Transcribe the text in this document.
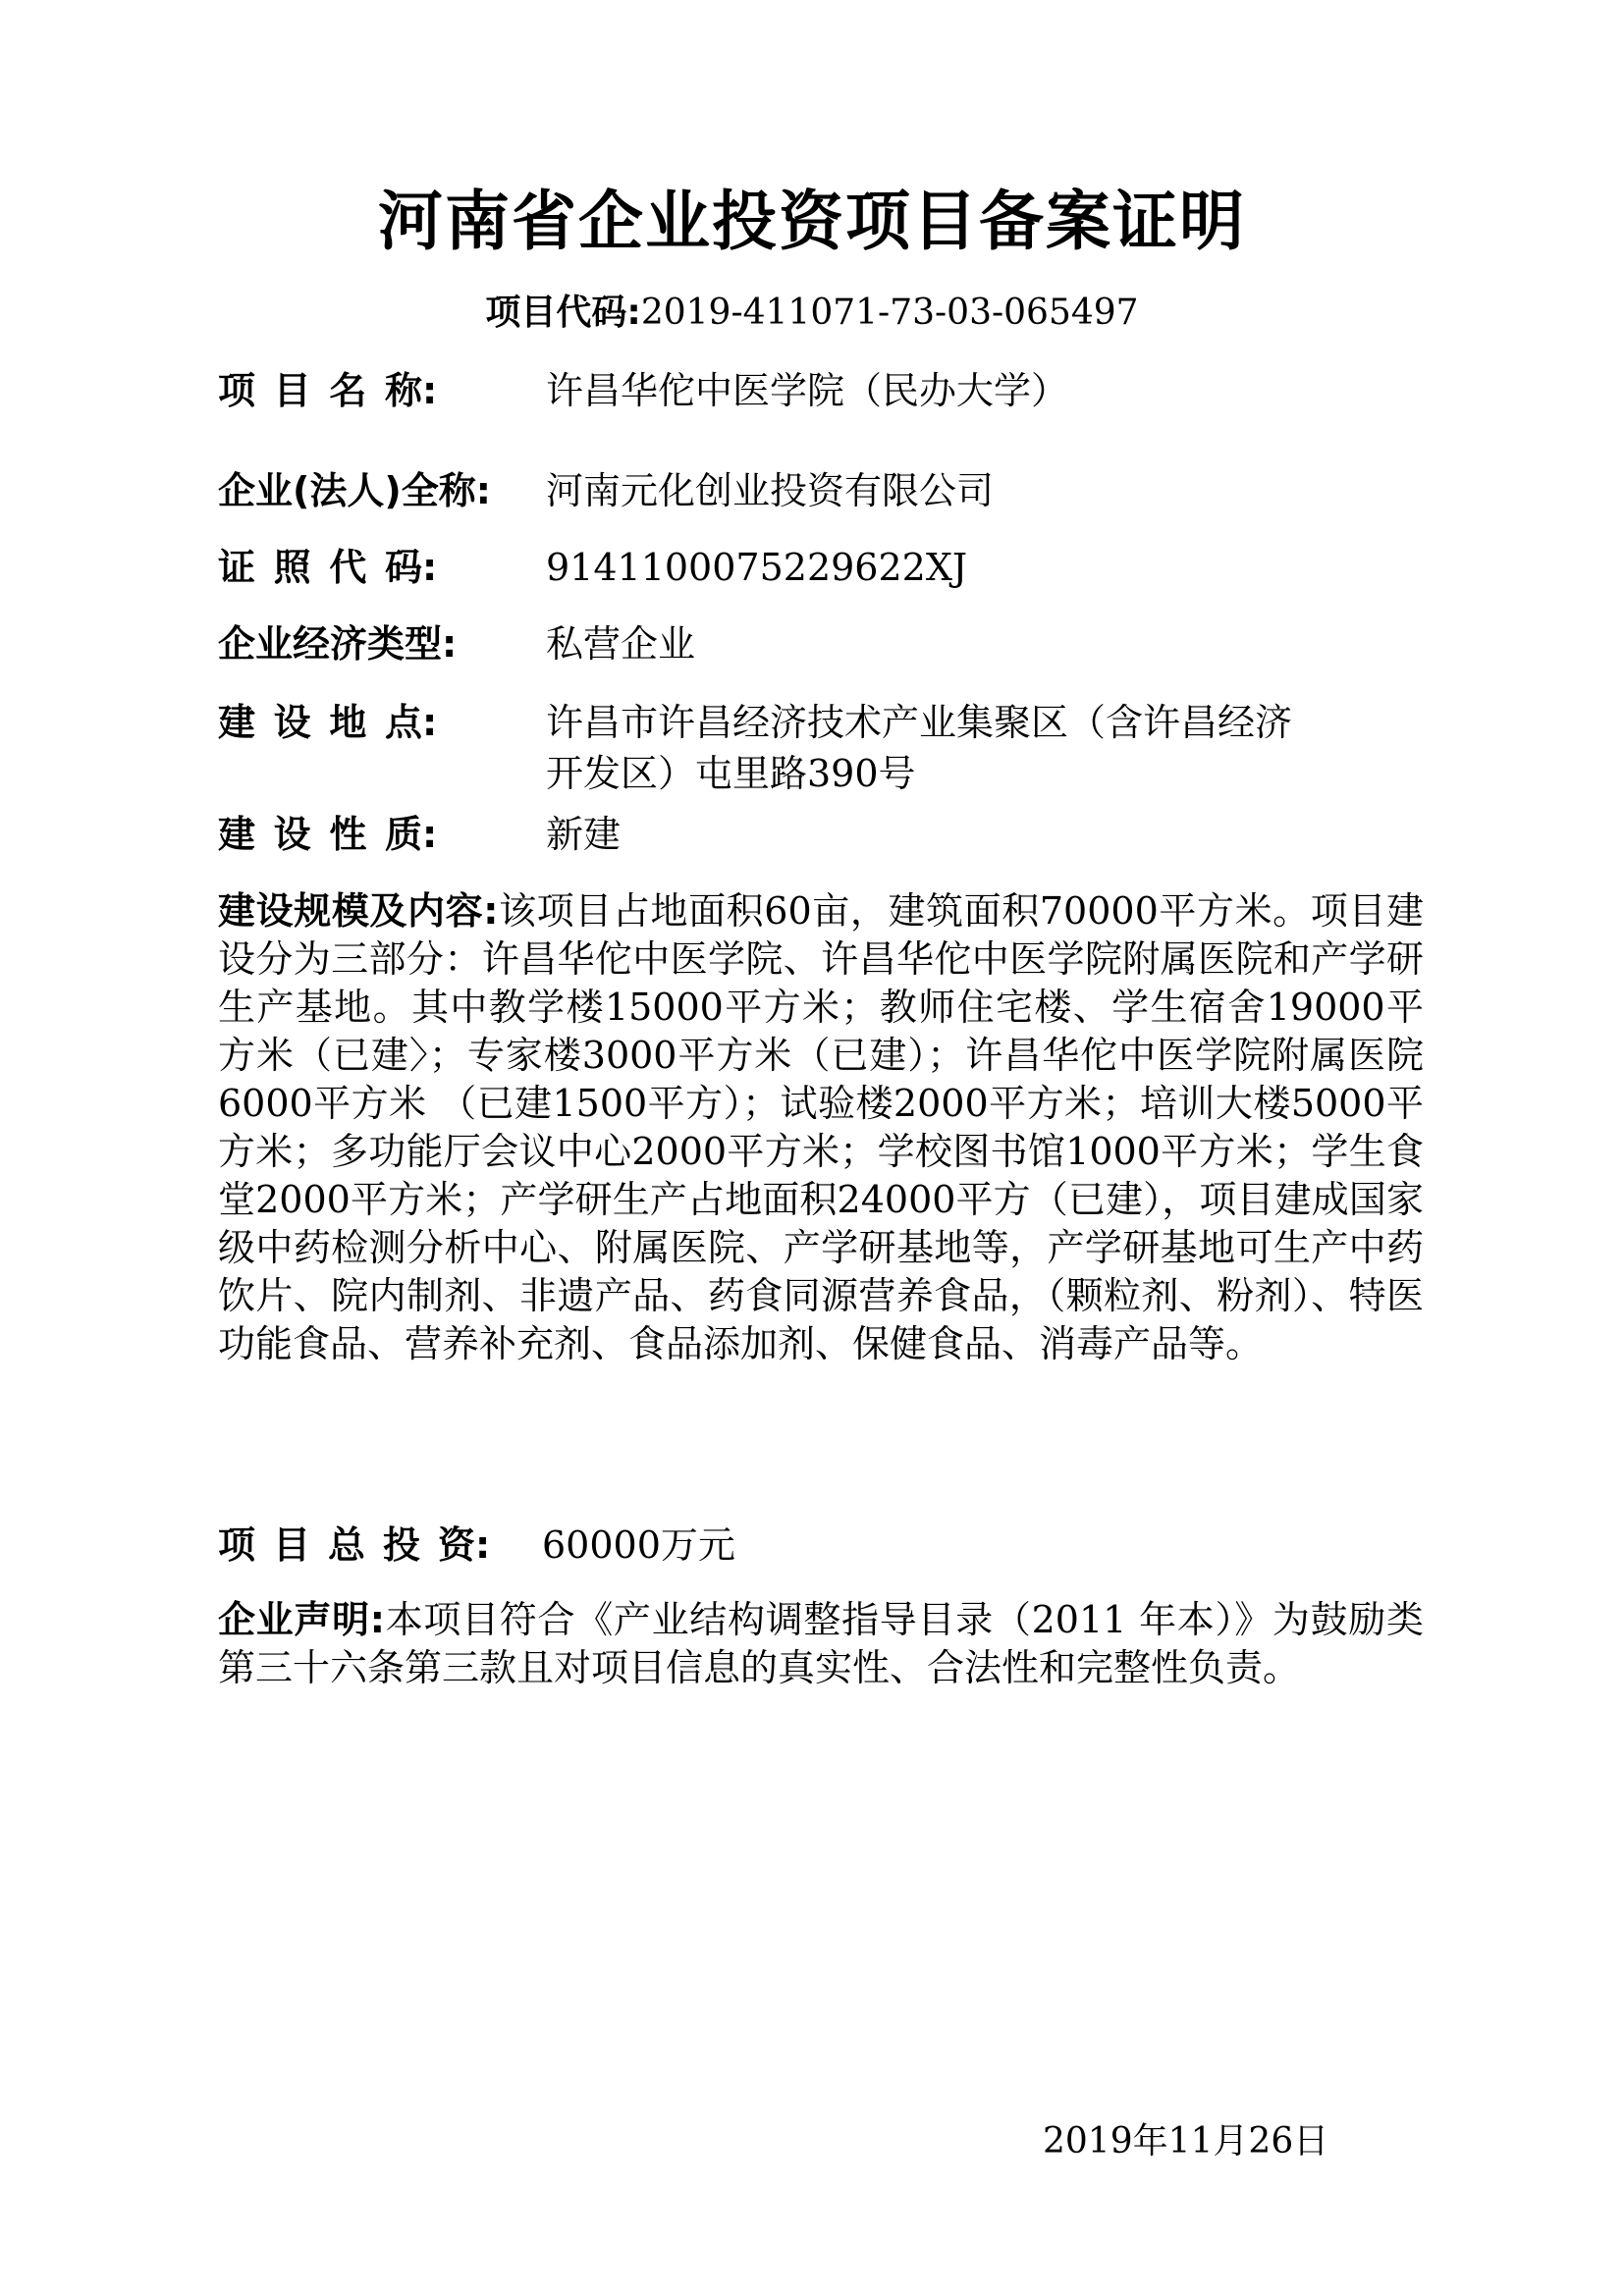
河南省企业投资项目备案证明
项目代码:2019-411071-73-03-065497
项 目 名 称 :	许昌华佗中医学院（民办大学）
企业(法人)全称: 河南元化创业投资有限公司
证 照 代 码 :	9141100075229622XJ
企业经济类型: 私营企业
建 设 地 点 :	许昌市许昌经济技术产业集聚区（含许昌经济
开发区）屯里路390号
建 设 性 质 :	新建
建设规模及内容:该项目占地面积60亩，建筑面积70000平方米。项目建设分为三部分：许昌华佗中医学院、许昌华佗中医学院附属医院和产学研生产基地。其中教学楼15000平方米；教师住宅楼、学生宿舍19000平方米（已建〉；专家楼3000平方米（已建）；许昌华佗中医学院附属医院6000平方米 （已建1500平方）；试验楼2000平方米；培训大楼5000平方米；多功能厅会议中心2000平方米；学校图书馆1000平方米；学生食堂2000平方米；产学研生产占地面积24000平方（已建），项目建成国家级中药检测分析中心、附属医院、产学研基地等，产学研基地可生产中药饮片、院内制剂、非遗产品、药食同源营养食品，（颗粒剂、粉剂）、特医功能食品、营养补充剂、食品添加剂、保健食品、消毒产品等。
项 目 总 投 资 : 60000万元
企业声明:本项目符合《产业结构调整指导目录（2011 年本）》为鼓励类第三十六条第三款且对项目信息的真实性、合法性和完整性负责。
2019年11月26日
